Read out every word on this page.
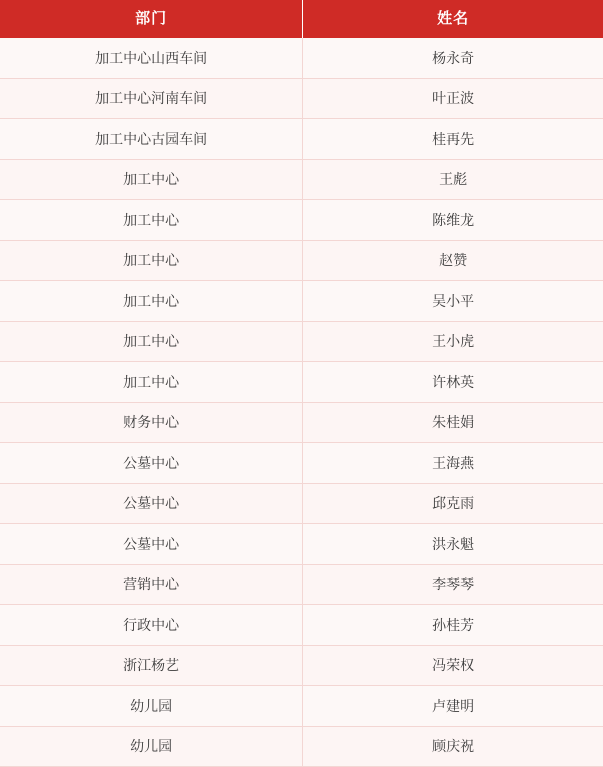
部门	姓名
加工中心山西车间	杨永奇
加工中心河南车间	叶正波
加工中心古园车间	桂再先
加工中心	王彪
加工中心	陈维龙
加工中心	赵赞
加工中心	吴小平
加工中心	王小虎
加工中心	许林英
财务中心	朱桂娟
公墓中心	王海燕
公墓中心	邱克雨
公墓中心	洪永魁
营销中心	李琴琴
行政中心	孙桂芳
浙江杨艺	冯荣权
幼儿园	卢建明
幼儿园	顾庆祝
